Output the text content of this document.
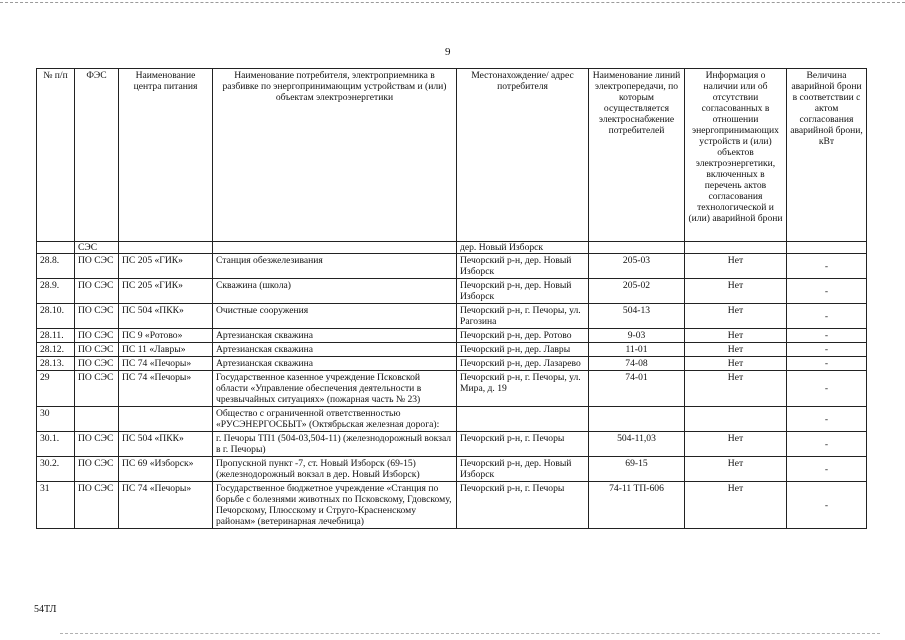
9
№ п/п	ФЭС	Наименование центра питания	Наименование потребителя, электроприемника в разбивке по энергопринимающим устройствам и (или) объектам электроэнергетики	Местонахождение/ адрес потребителя	Наименование линий электропередачи, по которым осуществляется электроснабжение потребителей	Информация о наличии или об отсутствии согласованных в отношении энергопринимающих устройств и (или) объектов электроэнергетики, включенных в перечень актов согласования технологической и (или) аварийной брони	Величина аварийной брони в соответствии с актом согласования аварийной брони, кВт
	СЭС			дер. Новый Изборск			
28.8.	ПО СЭС	ПС 205 «ГИК»	Станция обезжелезивания	Печорский р-н, дер. Новый Изборск	205-03	Нет	-
28.9.	ПО СЭС	ПС 205 «ГИК»	Скважина (школа)	Печорский р-н, дер. Новый Изборск	205-02	Нет	-
28.10.	ПО СЭС	ПС 504 «ПКК»	Очистные сооружения	Печорский р-н, г. Печоры, ул. Рагозина	504-13	Нет	-
28.11.	ПО СЭС	ПС 9 «Ротово»	Артезианская скважина	Печорский р-н, дер. Ротово	9-03	Нет	-
28.12.	ПО СЭС	ПС 11 «Лавры»	Артезианская скважина	Печорский р-н, дер. Лавры	11-01	Нет	-
28.13.	ПО СЭС	ПС 74 «Печоры»	Артезианская скважина	Печорский р-н, дер. Лазарево	74-08	Нет	-
29	ПО СЭС	ПС 74 «Печоры»	Государственное казенное учреждение Псковской области «Управление обеспечения деятельности в чрезвычайных ситуациях» (пожарная часть № 23)	Печорский р-н, г. Печоры, ул. Мира, д. 19	74-01	Нет	-
30			Общество с ограниченной ответственностью «РУСЭНЕРГОСБЫТ» (Октябрьская железная дорога):				-
30.1.	ПО СЭС	ПС 504 «ПКК»	г. Печоры ТП1 (504-03,504-11) (железнодорожный вокзал в г. Печоры)	Печорский р-н, г. Печоры	504-11,03	Нет	-
30.2.	ПО СЭС	ПС 69 «Изборск»	Пропускной пункт -7, ст. Новый Изборск (69-15) (железнодорожный вокзал в дер. Новый Изборск)	Печорский р-н, дер. Новый Изборск	69-15	Нет	-
31	ПО СЭС	ПС 74 «Печоры»	Государственное бюджетное учреждение «Станция по борьбе с болезнями животных по Псковскому, Гдовскому, Печорскому, Плюсскому и Струго-Красненскому районам» (ветеринарная лечебница)	Печорский р-н, г. Печоры	74-11 ТП-606	Нет	-
54ТЛ
